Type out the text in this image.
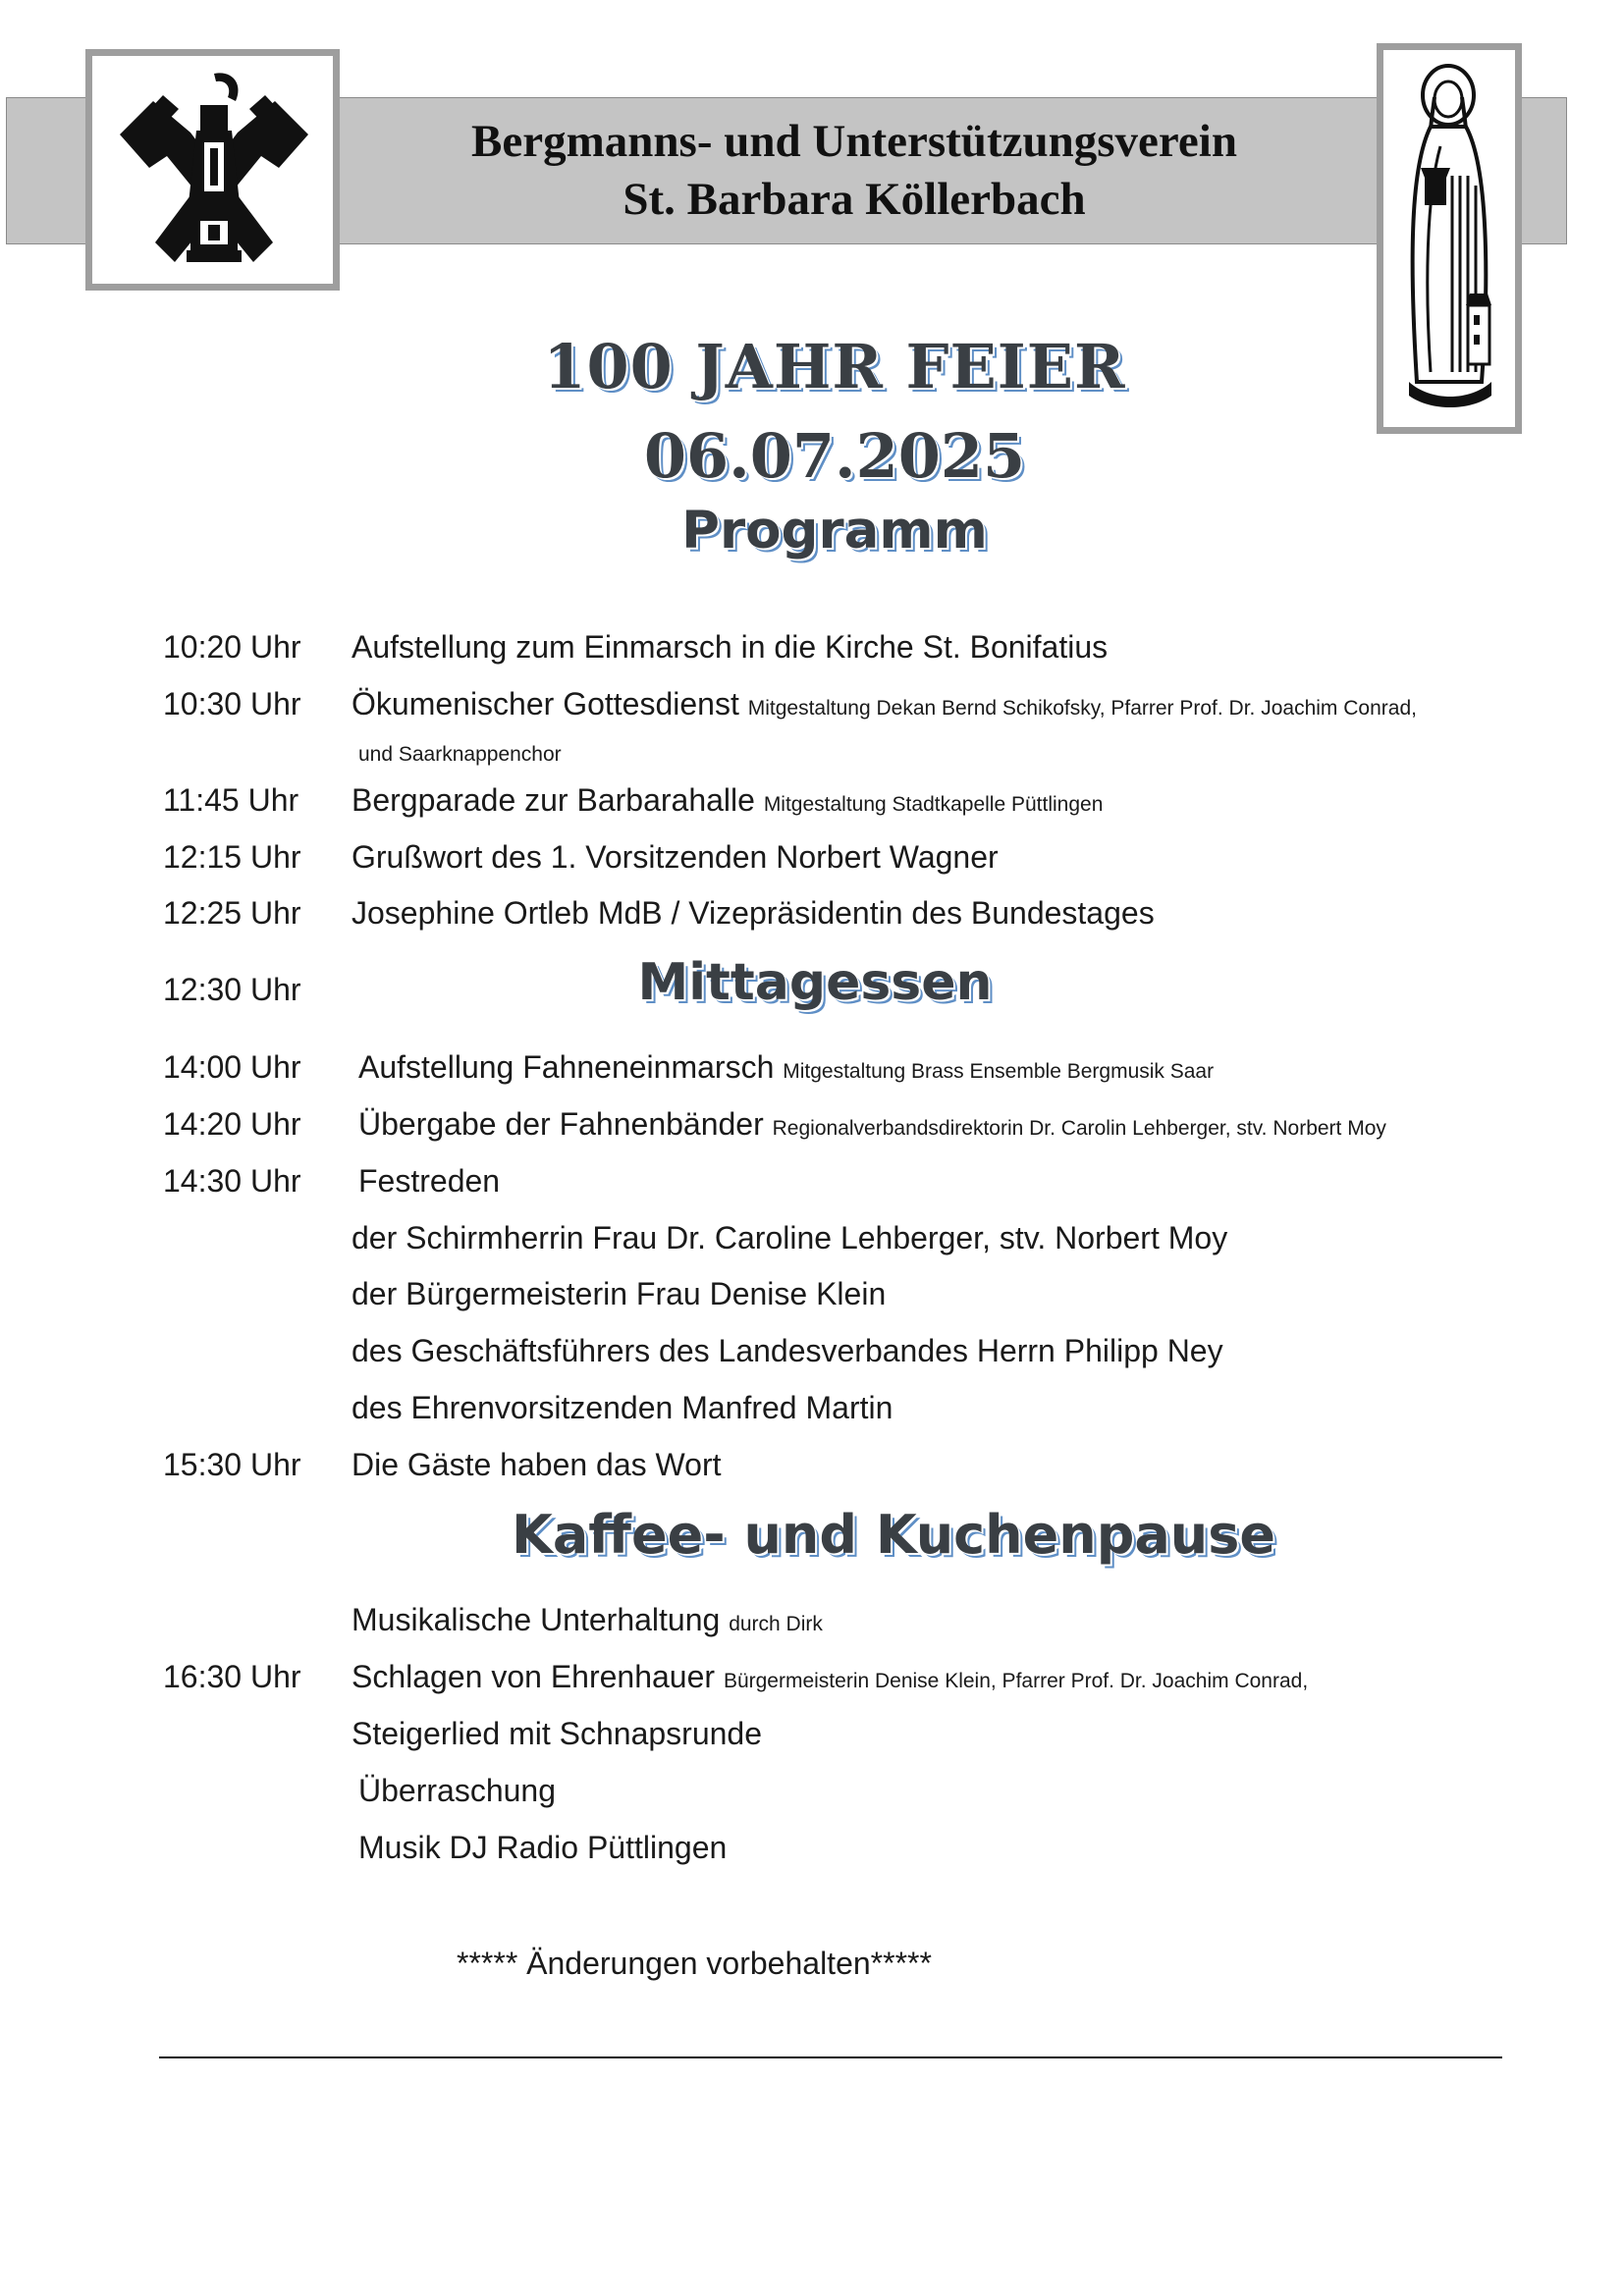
Bergmanns- und Unterstützungsverein
St. Barbara Köllerbach
100 JAHR FEIER
06.07.2025
Programm
10:20 Uhr Aufstellung zum Einmarsch in die Kirche St. Bonifatius
10:30 Uhr Ökumenischer Gottesdienst Mitgestaltung Dekan Bernd Schikofsky, Pfarrer Prof. Dr. Joachim Conrad,
und Saarknappenchor
11:45 Uhr Bergparade zur Barbarahalle Mitgestaltung Stadtkapelle Püttlingen
12:15 Uhr Grußwort des 1. Vorsitzenden Norbert Wagner
12:25 Uhr Josephine Ortleb MdB / Vizepräsidentin des Bundestages
12:30 Uhr	Mittagessen
14:00 Uhr Aufstellung Fahneneinmarsch Mitgestaltung Brass Ensemble Bergmusik Saar
14:20 Uhr Übergabe der Fahnenbänder Regionalverbandsdirektorin Dr. Carolin Lehberger, stv. Norbert Moy
14:30 Uhr Festreden
der Schirmherrin Frau Dr. Caroline Lehberger, stv. Norbert Moy
der Bürgermeisterin Frau Denise Klein
des Geschäftsführers des Landesverbandes Herrn Philipp Ney
des Ehrenvorsitzenden Manfred Martin
15:30 Uhr Die Gäste haben das Wort
Kaffee- und Kuchenpause
Musikalische Unterhaltung durch Dirk
16:30 Uhr Schlagen von Ehrenhauer Bürgermeisterin Denise Klein, Pfarrer Prof. Dr. Joachim Conrad,
Steigerlied mit Schnapsrunde
Überraschung
Musik DJ Radio Püttlingen
***** Änderungen vorbehalten*****
